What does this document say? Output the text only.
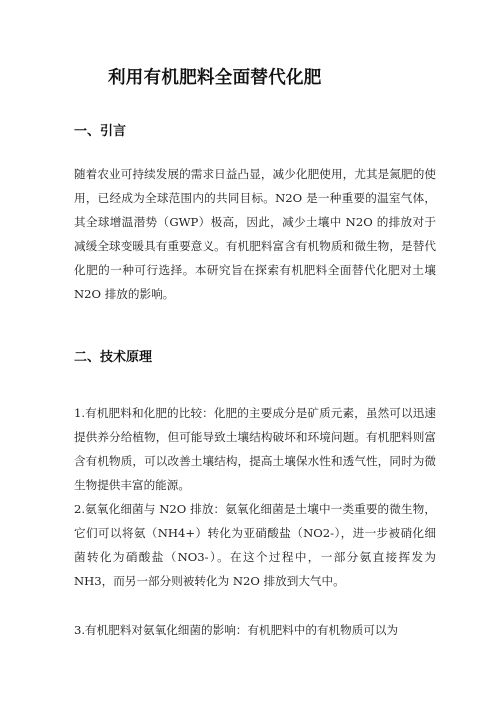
利用有机肥料全面替代化肥
一、引言

随着农业可持续发展的需求日益凸显，减少化肥使用，尤其是氮肥的使用，已经成为全球范围内的共同目标。N2O 是一种重要的温室气体，其全球增温潜势（GWP）极高，因此，减少土壤中 N2O 的排放对于减缓全球变暖具有重要意义。有机肥料富含有机物质和微生物，是替代化肥的一种可行选择。本研究旨在探索有机肥料全面替代化肥对土壤 N2O 排放的影响。

二、技术原理

1.有机肥料和化肥的比较：化肥的主要成分是矿质元素，虽然可以迅速提供养分给植物，但可能导致土壤结构破坏和环境问题。有机肥料则富含有机物质，可以改善土壤结构，提高土壤保水性和透气性，同时为微生物提供丰富的能源。

2.氨氧化细菌与 N2O 排放：氨氧化细菌是土壤中一类重要的微生物，它们可以将氨（NH4+）转化为亚硝酸盐（NO2-），进一步被硝化细菌转化为硝酸盐（NO3-）。在这个过程中，一部分氨直接挥发为 NH3，而另一部分则被转化为 N2O 排放到大气中。

3.有机肥料对氨氧化细菌的影响：有机肥料中的有机物质可以为
